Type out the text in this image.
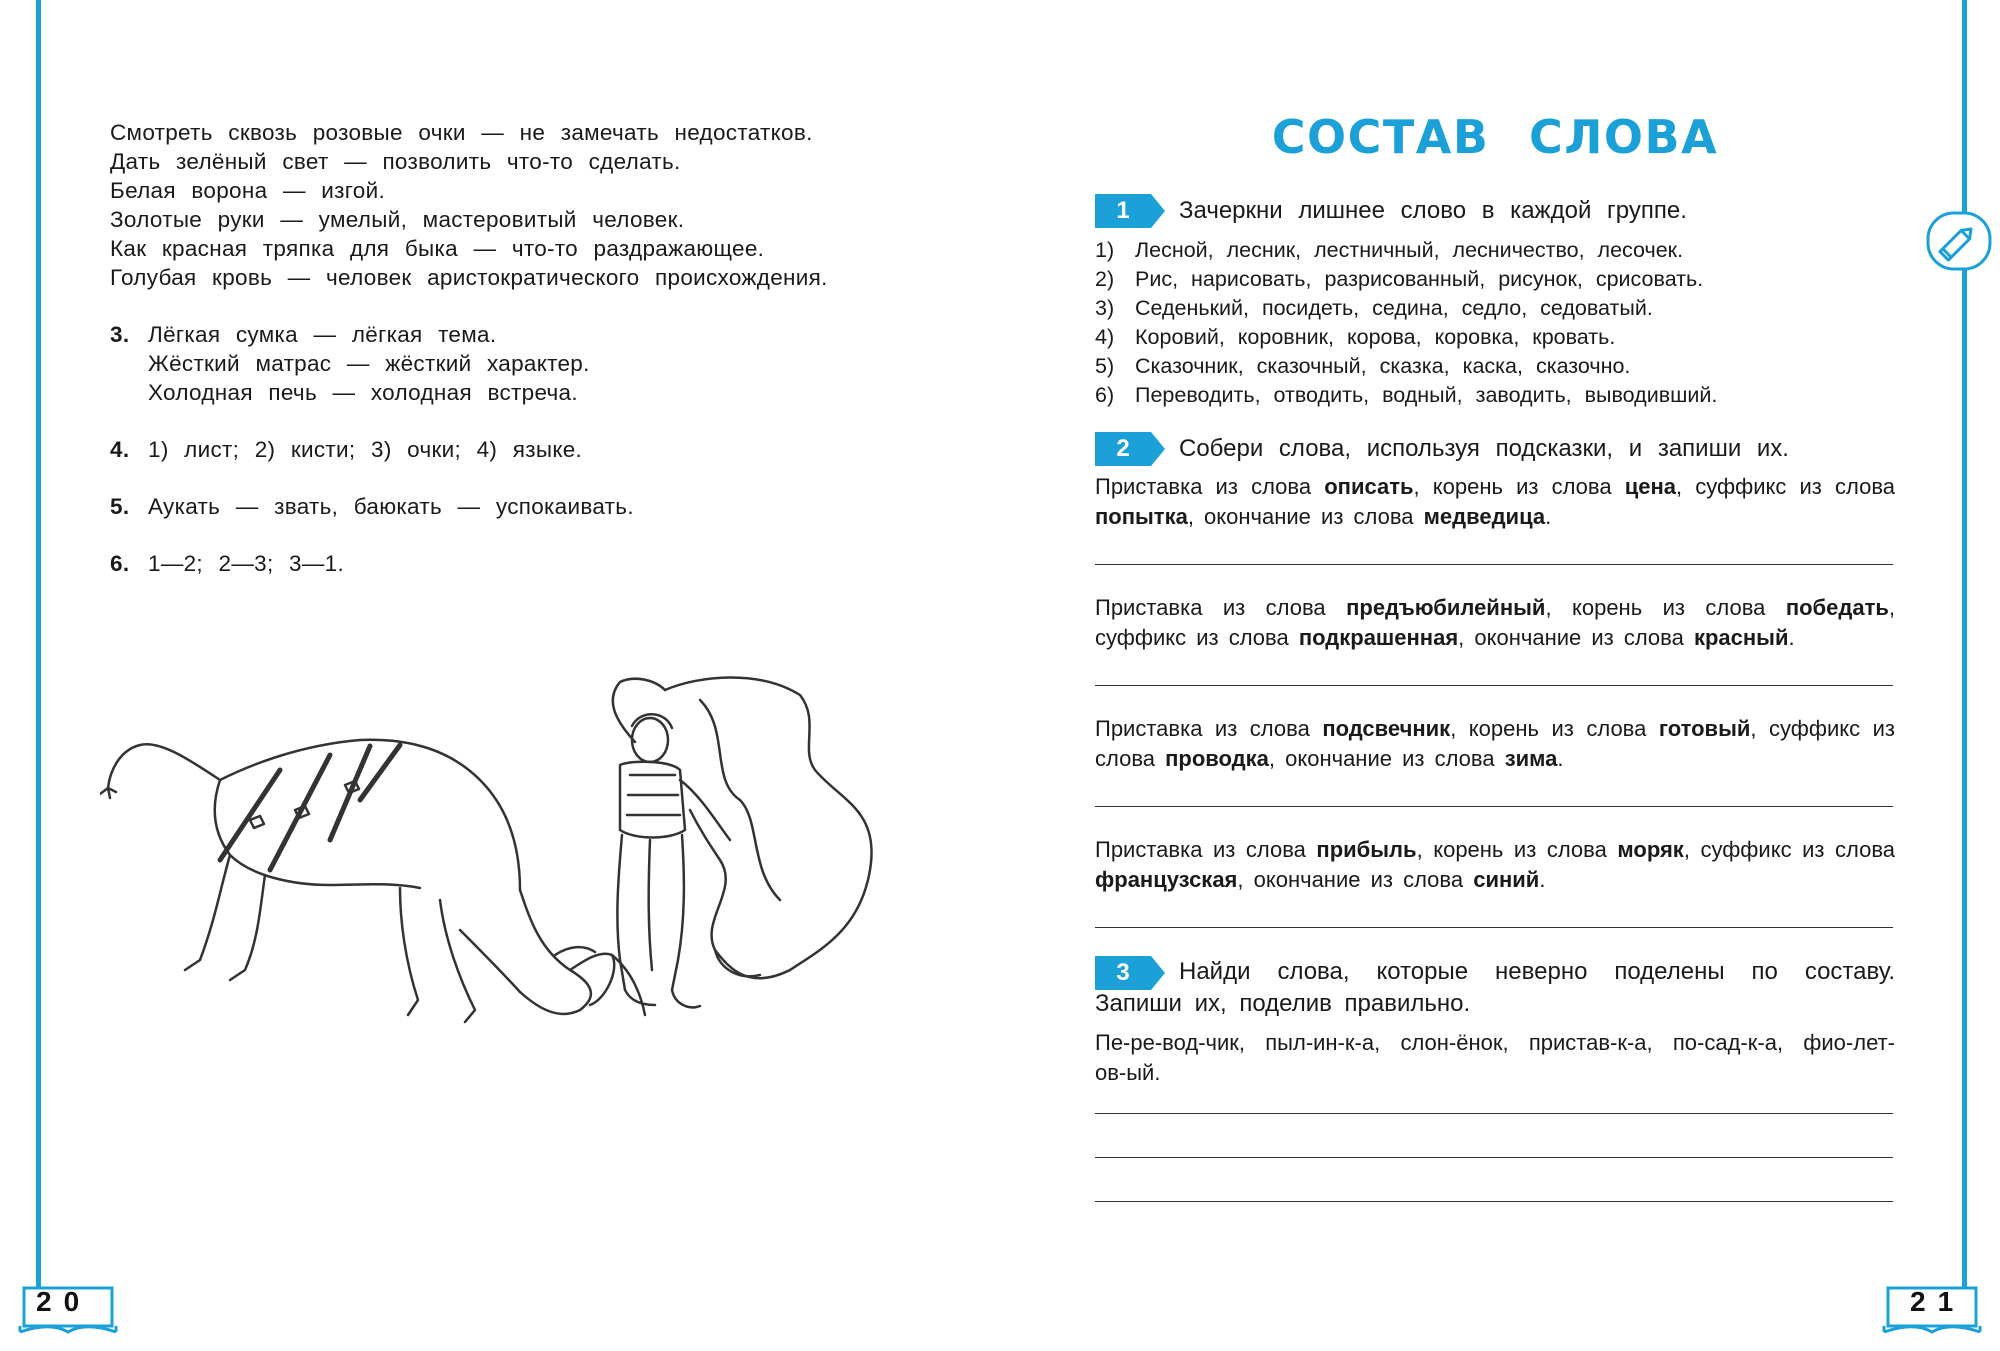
Смотреть сквозь розовые очки — не замечать недостатков.
Дать зелёный свет — позволить что-то сделать.
Белая ворона — изгой.
Золотые руки — умелый, мастеровитый человек.
Как красная тряпка для быка — что-то раздражающее.
Голубая кровь — человек аристократического происхождения.
3. Лёгкая сумка — лёгкая тема.
Жёсткий матрас — жёсткий характер.
Холодная печь — холодная встреча.
4. 1) лист; 2) кисти; 3) очки; 4) языке.
5. Аукать — звать, баюкать — успокаивать.
6. 1—2; 2—3; 3—1.
СОСТАВ СЛОВА
1	Зачеркни лишнее слово в каждой группе.
1) Лесной, лесник, лестничный, лесничество, лесочек.
2) Рис, нарисовать, разрисованный, рисунок, срисовать.
3) Седенький, посидеть, седина, седло, седоватый.
4) Коровий, коровник, корова, коровка, кровать.
5) Сказочник, сказочный, сказка, каска, сказочно.
6) Переводить, отводить, водный, заводить, выводивший.
2	Собери слова, используя подсказки, и запиши их.
Приставка из слова описать, корень из слова цена, суффикс из слова попытка, окончание из слова медведица.
Приставка из слова предъюбилейный, корень из слова победать, суффикс из слова подкрашенная, окончание из слова красный.
Приставка из слова подсвечник, корень из слова готовый, суффикс из слова проводка, окончание из слова зима.
Приставка из слова прибыль, корень из слова моряк, суффикс из слова французская, окончание из слова синий.
3	Найди слова, которые неверно поделены по составу. Запиши их, поделив правильно.
Пе-ре-вод-чик, пыл-ин-к-а, слон-ёнок, пристав-к-а, по-сад-к-а, фио-лет-ов-ый.
20	21
